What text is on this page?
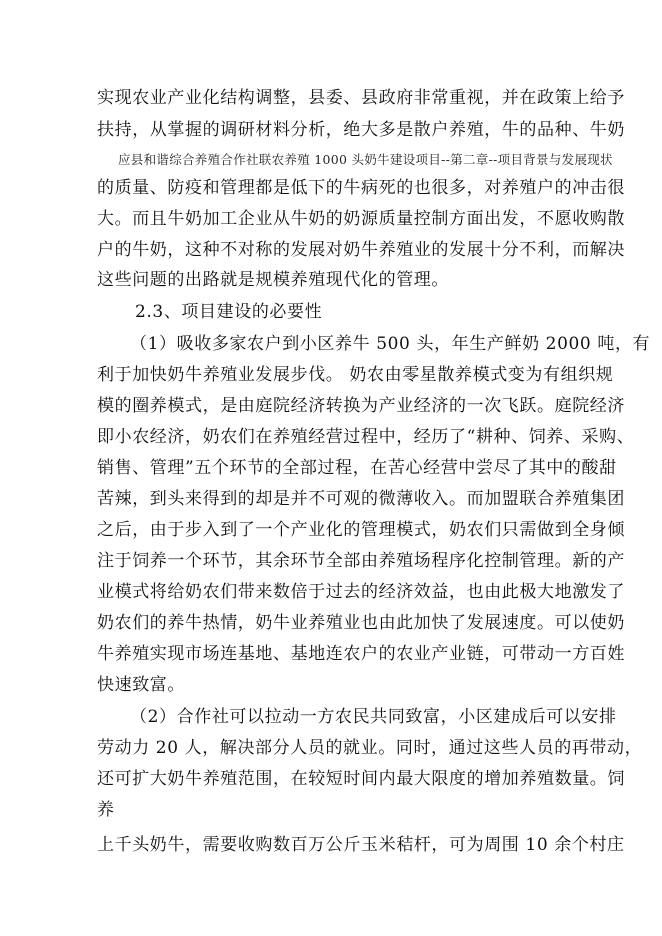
实现农业产业化结构调整，县委、县政府非常重视，并在政策上给予
扶持，从掌握的调研材料分析，绝大多是散户养殖，牛的品种、牛奶
应县和谐综合养殖合作社联农养殖 1000 头奶牛建设项目--第二章--项目背景与发展现状
的质量、防疫和管理都是低下的牛病死的也很多，对养殖户的冲击很
大。而且牛奶加工企业从牛奶的奶源质量控制方面出发，不愿收购散
户的牛奶，这种不对称的发展对奶牛养殖业的发展十分不利，而解决
这些问题的出路就是规模养殖现代化的管理。
2.3、项目建设的必要性
（1）吸收多家农户到小区养牛 500 头，年生产鲜奶 2000 吨，有
利于加快奶牛养殖业发展步伐。 奶农由零星散养模式变为有组织规
模的圈养模式，是由庭院经济转换为产业经济的一次飞跃。庭院经济
即小农经济，奶农们在养殖经营过程中，经历了“耕种、饲养、采购、
销售、管理”五个环节的全部过程，在苦心经营中尝尽了其中的酸甜
苦辣，到头来得到的却是并不可观的微薄收入。而加盟联合养殖集团
之后，由于步入到了一个产业化的管理模式，奶农们只需做到全身倾
注于饲养一个环节，其余环节全部由养殖场程序化控制管理。新的产
业模式将给奶农们带来数倍于过去的经济效益，也由此极大地激发了
奶农们的养牛热情，奶牛业养殖业也由此加快了发展速度。可以使奶
牛养殖实现市场连基地、基地连农户的农业产业链，可带动一方百姓
快速致富。
（2）合作社可以拉动一方农民共同致富，小区建成后可以安排
劳动力 20 人，解决部分人员的就业。同时，通过这些人员的再带动，
还可扩大奶牛养殖范围，在较短时间内最大限度的增加养殖数量。饲
养
上千头奶牛，需要收购数百万公斤玉米秸杆，可为周围 10 余个村庄
